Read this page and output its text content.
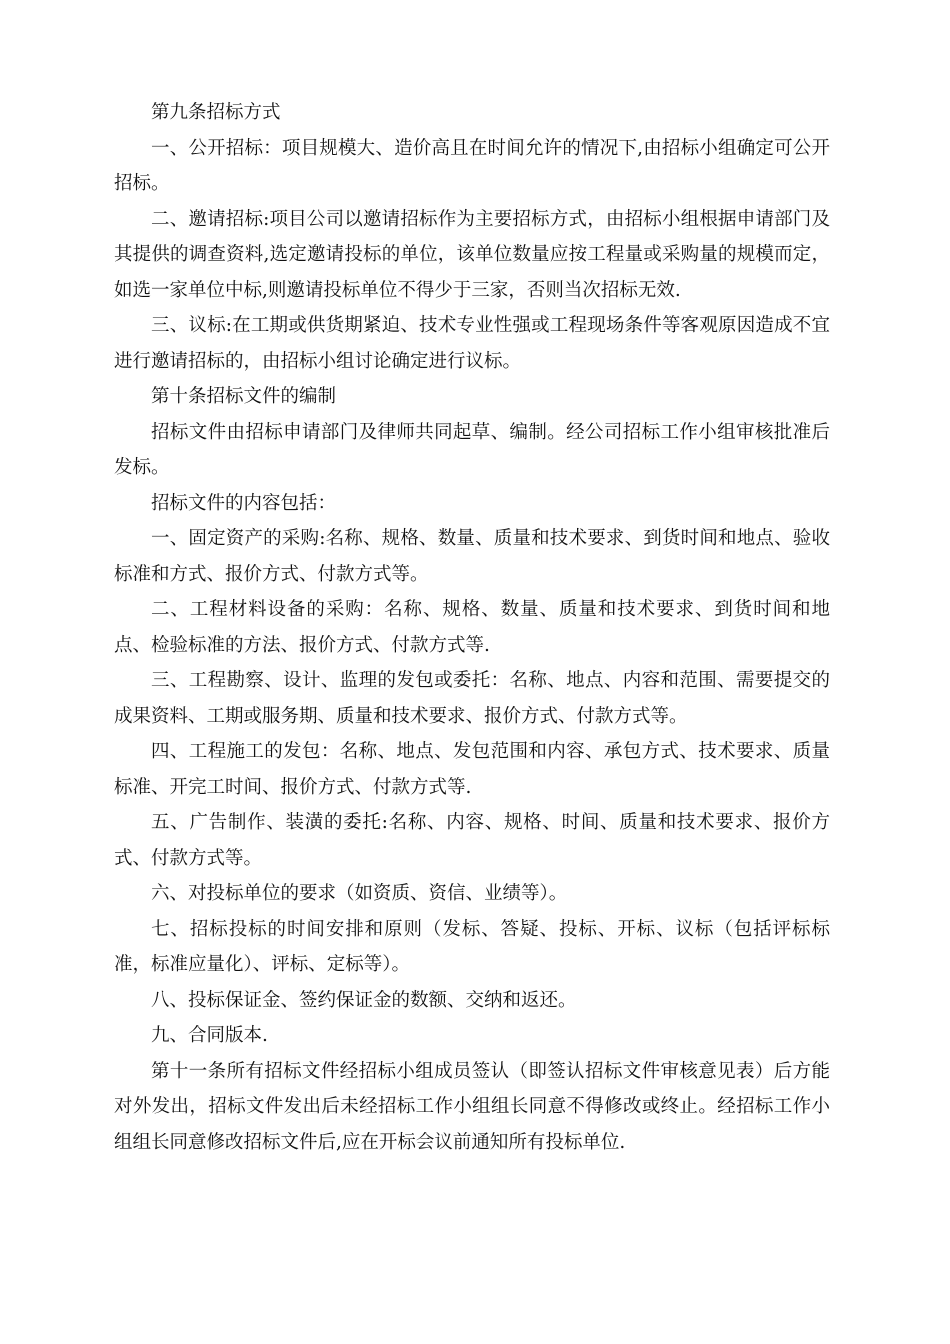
第九条招标方式

一、公开招标：项目规模大、造价高且在时间允许的情况下,由招标小组确定可公开招标。

二、邀请招标:项目公司以邀请招标作为主要招标方式，由招标小组根据申请部门及其提供的调查资料,选定邀请投标的单位，该单位数量应按工程量或采购量的规模而定，如选一家单位中标,则邀请投标单位不得少于三家，否则当次招标无效.

三、议标:在工期或供货期紧迫、技术专业性强或工程现场条件等客观原因造成不宜进行邀请招标的，由招标小组讨论确定进行议标。

第十条招标文件的编制

招标文件由招标申请部门及律师共同起草、编制。经公司招标工作小组审核批准后发标。

招标文件的内容包括：

一、固定资产的采购:名称、规格、数量、质量和技术要求、到货时间和地点、验收标准和方式、报价方式、付款方式等。

二、工程材料设备的采购：名称、规格、数量、质量和技术要求、到货时间和地点、检验标准的方法、报价方式、付款方式等.

三、工程勘察、设计、监理的发包或委托：名称、地点、内容和范围、需要提交的成果资料、工期或服务期、质量和技术要求、报价方式、付款方式等。

四、工程施工的发包：名称、地点、发包范围和内容、承包方式、技术要求、质量标准、开完工时间、报价方式、付款方式等.

五、广告制作、装潢的委托:名称、内容、规格、时间、质量和技术要求、报价方式、付款方式等。

六、对投标单位的要求（如资质、资信、业绩等）。

七、招标投标的时间安排和原则（发标、答疑、投标、开标、议标（包括评标标准，标准应量化）、评标、定标等）。

八、投标保证金、签约保证金的数额、交纳和返还。

九、合同版本.

第十一条所有招标文件经招标小组成员签认（即签认招标文件审核意见表）后方能对外发出，招标文件发出后未经招标工作小组组长同意不得修改或终止。经招标工作小组组长同意修改招标文件后,应在开标会议前通知所有投标单位.
